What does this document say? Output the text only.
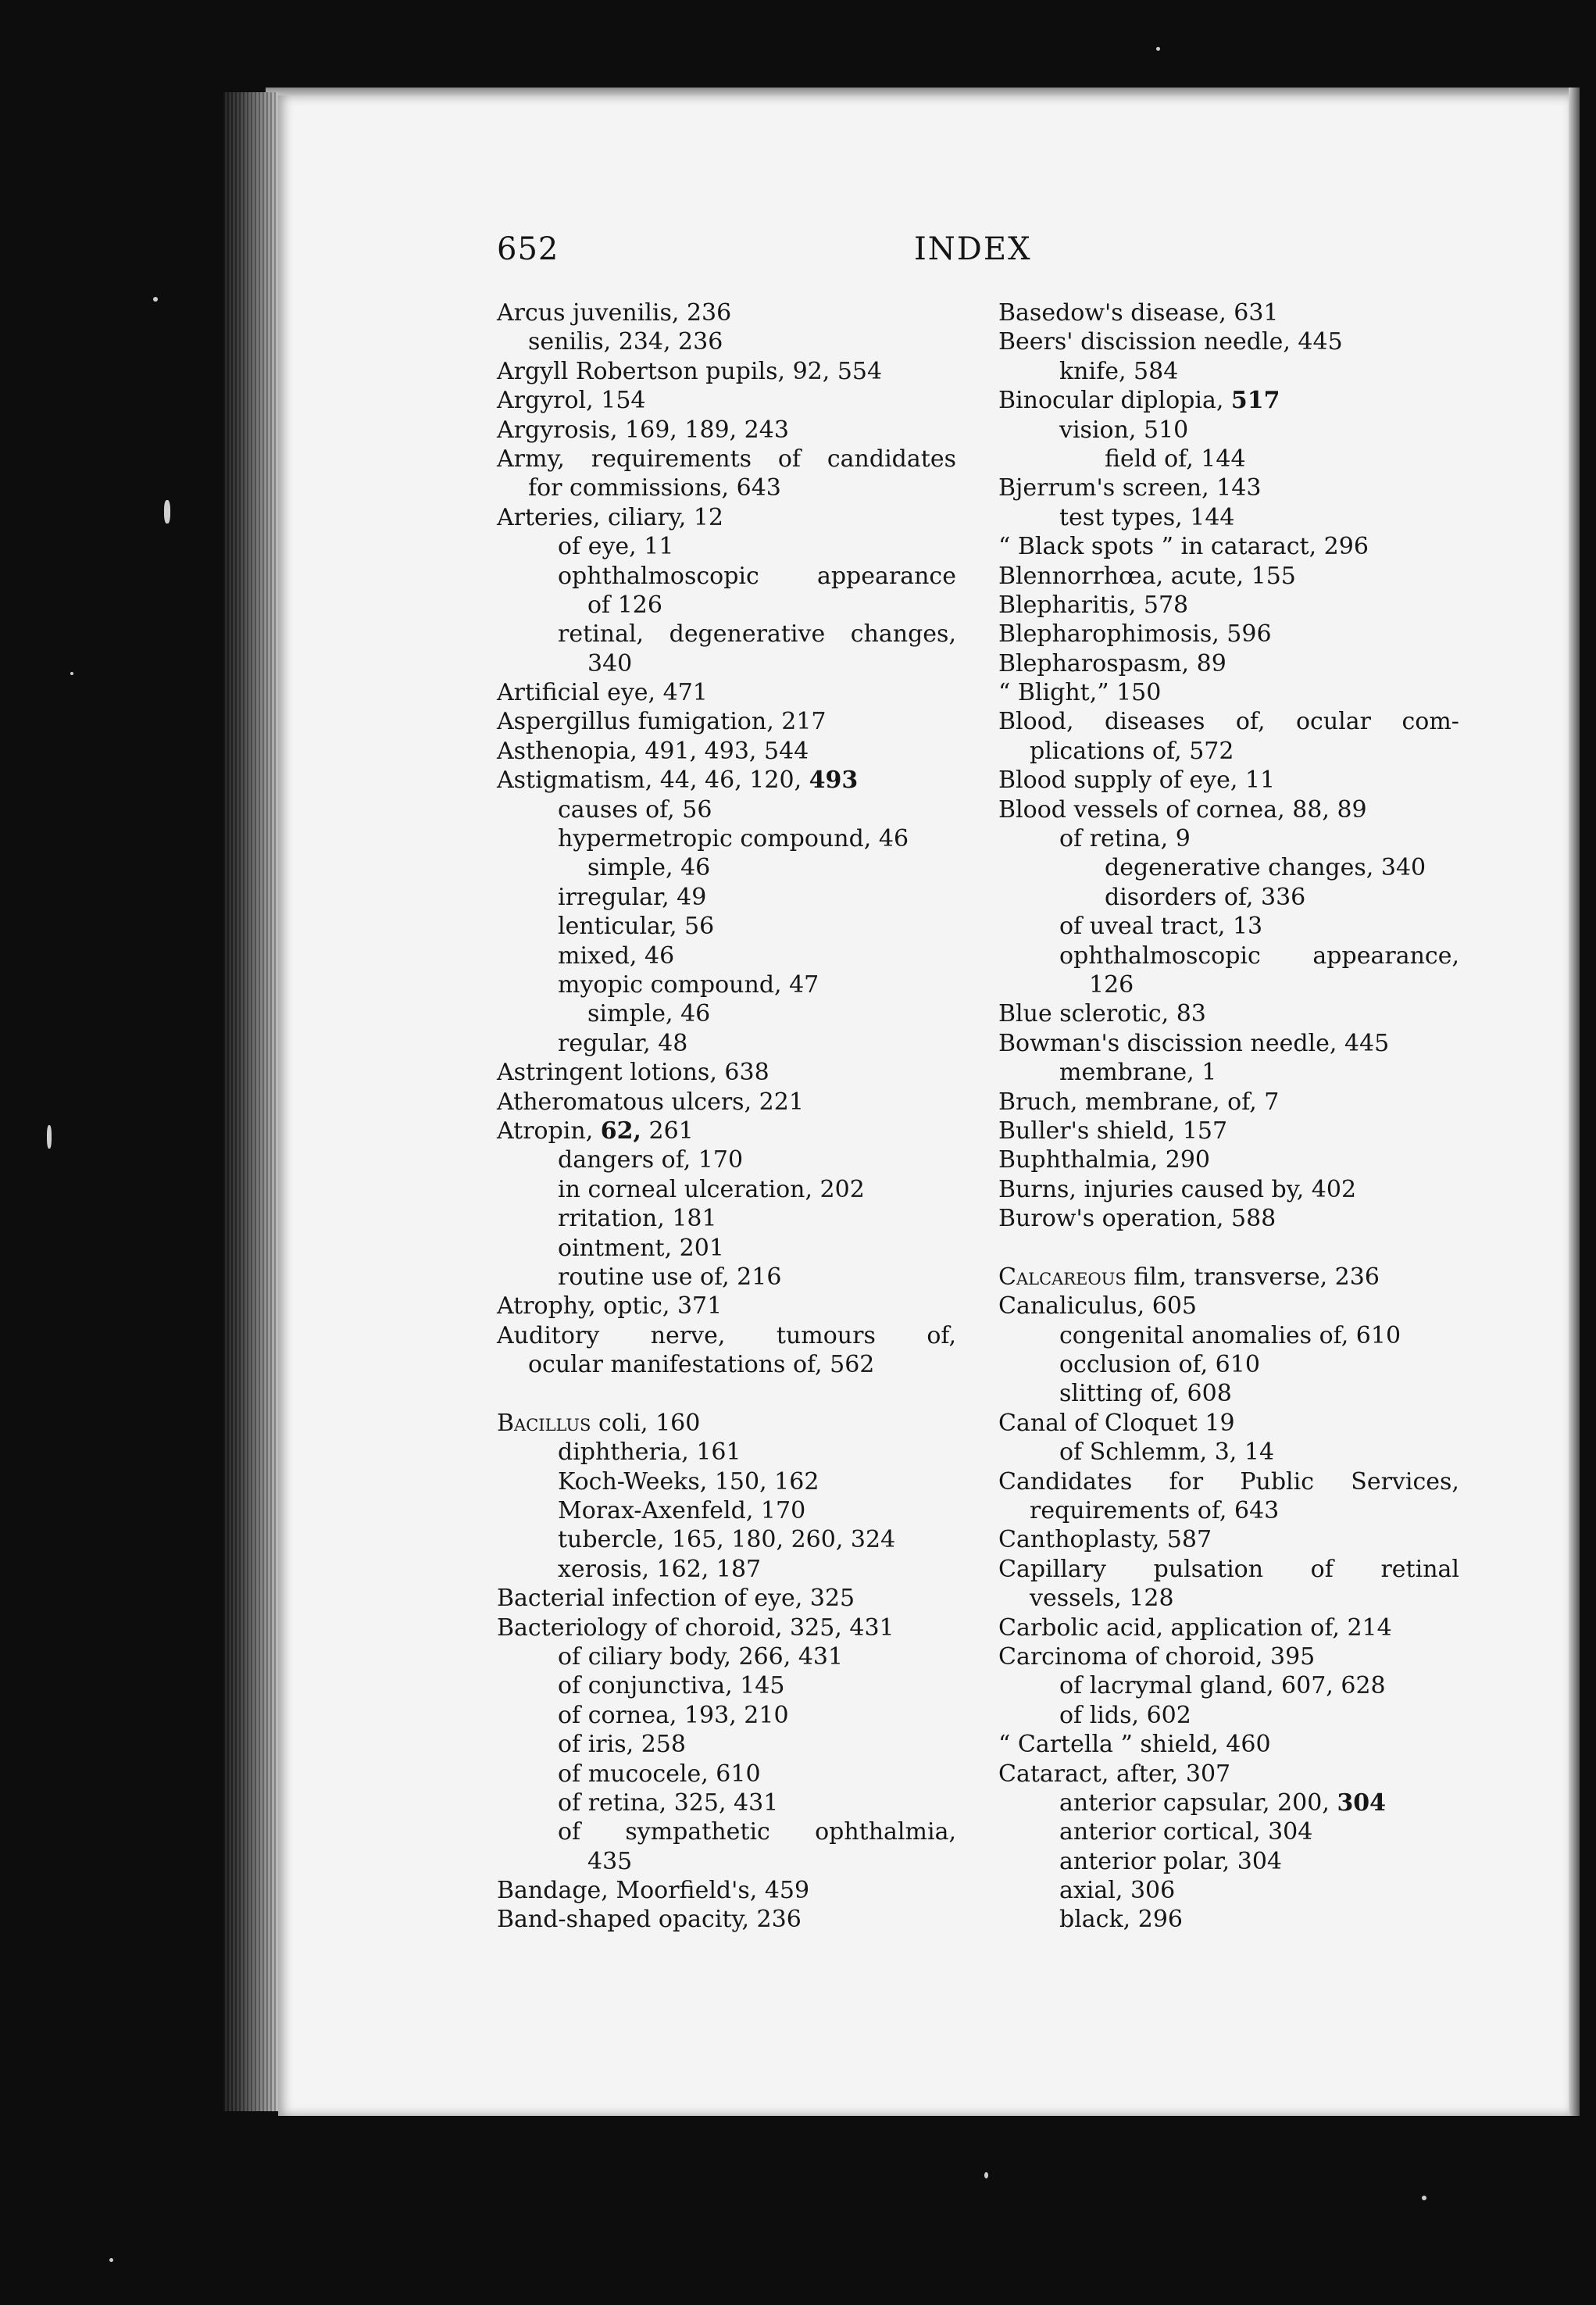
652	INDEX
Arcus juvenilis, 236
senilis, 234, 236
Argyll Robertson pupils, 92, 554
Argyrol, 154
Argyrosis, 169, 189, 243
Army, requirements of candidates
for commissions, 643
Arteries, ciliary, 12
of eye, 11
ophthalmoscopic appearance
of 126
retinal, degenerative changes,
340
Artificial eye, 471
Aspergillus fumigation, 217
Asthenopia, 491, 493, 544
Astigmatism, 44, 46, 120, 493
causes of, 56
hypermetropic compound, 46
simple, 46
irregular, 49
lenticular, 56
mixed, 46
myopic compound, 47
simple, 46
regular, 48
Astringent lotions, 638
Atheromatous ulcers, 221
Atropin, 62, 261
dangers of, 170
in corneal ulceration, 202
rritation, 181
ointment, 201
routine use of, 216
Atrophy, optic, 371
Auditory nerve, tumours of,
ocular manifestations of, 562
Bacillus coli, 160
diphtheria, 161
Koch-Weeks, 150, 162
Morax-Axenfeld, 170
tubercle, 165, 180, 260, 324
xerosis, 162, 187
Bacterial infection of eye, 325
Bacteriology of choroid, 325, 431
of ciliary body, 266, 431
of conjunctiva, 145
of cornea, 193, 210
of iris, 258
of mucocele, 610
of retina, 325, 431
of sympathetic ophthalmia,
435
Bandage, Moorfield's, 459
Band-shaped opacity, 236
Basedow's disease, 631
Beers' discission needle, 445
knife, 584
Binocular diplopia, 517
vision, 510
field of, 144
Bjerrum's screen, 143
test types, 144
“ Black spots ” in cataract, 296
Blennorrhœa, acute, 155
Blepharitis, 578
Blepharophimosis, 596
Blepharospasm, 89
“ Blight,” 150
Blood, diseases of, ocular com-
plications of, 572
Blood supply of eye, 11
Blood vessels of cornea, 88, 89
of retina, 9
degenerative changes, 340
disorders of, 336
of uveal tract, 13
ophthalmoscopic appearance,
126
Blue sclerotic, 83
Bowman's discission needle, 445
membrane, 1
Bruch, membrane, of, 7
Buller's shield, 157
Buphthalmia, 290
Burns, injuries caused by, 402
Burow's operation, 588
Calcareous film, transverse, 236
Canaliculus, 605
congenital anomalies of, 610
occlusion of, 610
slitting of, 608
Canal of Cloquet 19
of Schlemm, 3, 14
Candidates for Public Services,
requirements of, 643
Canthoplasty, 587
Capillary pulsation of retinal
vessels, 128
Carbolic acid, application of, 214
Carcinoma of choroid, 395
of lacrymal gland, 607, 628
of lids, 602
“ Cartella ” shield, 460
Cataract, after, 307
anterior capsular, 200, 304
anterior cortical, 304
anterior polar, 304
axial, 306
black, 296
